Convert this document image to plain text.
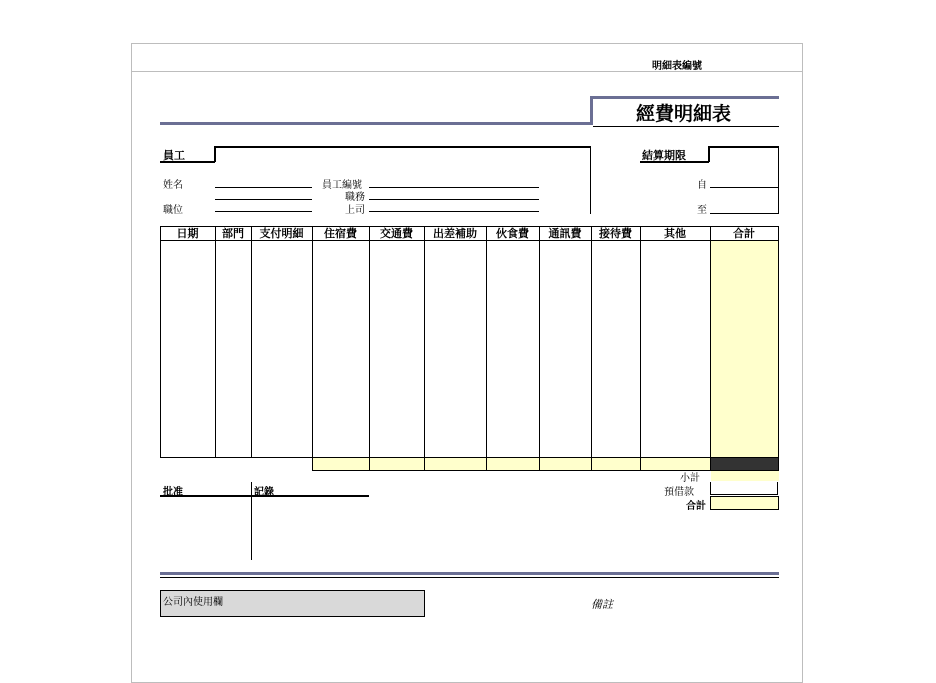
明細表編號
經費明細表
員工	結算期限
姓名
職位
員工編號
職務
上司
自
至
日期	部門	支付明細	住宿費	交通費	出差補助	伙食費	通訊費	接待費	其他	合計
小計
預借款
合計
批准	記錄
公司內使用欄	備註
